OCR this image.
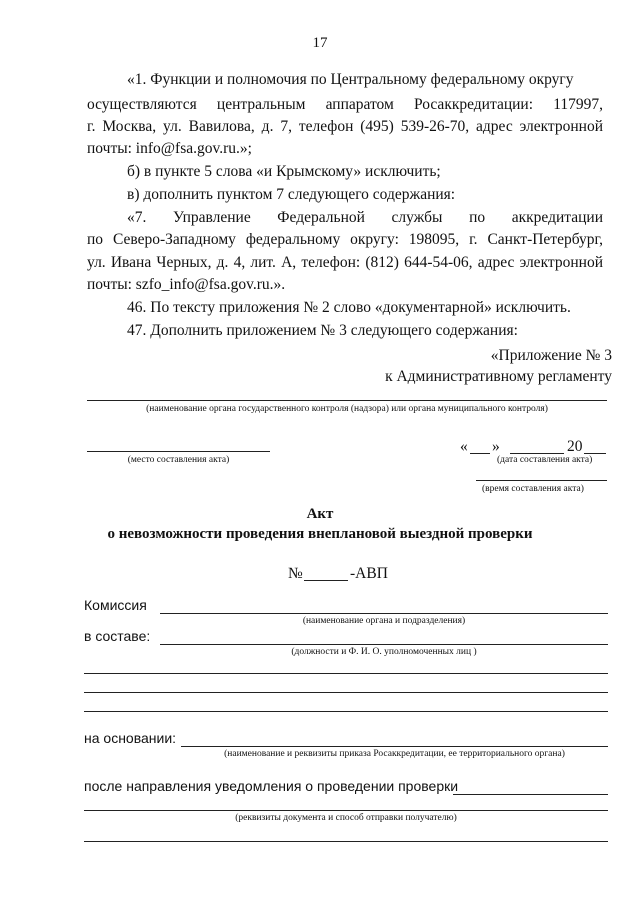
17
«1. Функции и полномочия по Центральному федеральному округу
осуществляются центральным аппаратом Росаккредитации: 117997,
г. Москва, ул. Вавилова, д. 7, телефон (495) 539-26-70, адрес электронной
почты: info@fsa.gov.ru.»;
б) в пункте 5 слова «и Крымскому» исключить;
в) дополнить пунктом 7 следующего содержания:
«7. Управление Федеральной службы по аккредитации
по Северо-Западному федеральному округу: 198095, г. Санкт-Петербург,
ул. Ивана Черных, д. 4, лит. А, телефон: (812) 644-54-06, адрес электронной
почты: szfo_info@fsa.gov.ru.».
46. По тексту приложения № 2 слово «документарной» исключить.
47. Дополнить приложением № 3 следующего содержания:
«Приложение № 3
к Административному регламенту
(наименование органа государственного контроля (надзора) или органа муниципального контроля)
(место составления акта)
« »	20
(дата составления акта)
(время составления акта)
Акт
о невозможности проведения внеплановой выездной проверки
№	-АВП
Комиссия
(наименование органа и подразделения)
в составе:
(должности и Ф. И. О. уполномоченных лиц )
на основании:
(наименование и реквизиты приказа Росаккредитации, ее территориального органа)
после направления уведомления о проведении проверки
(реквизиты документа и способ отправки получателю)
